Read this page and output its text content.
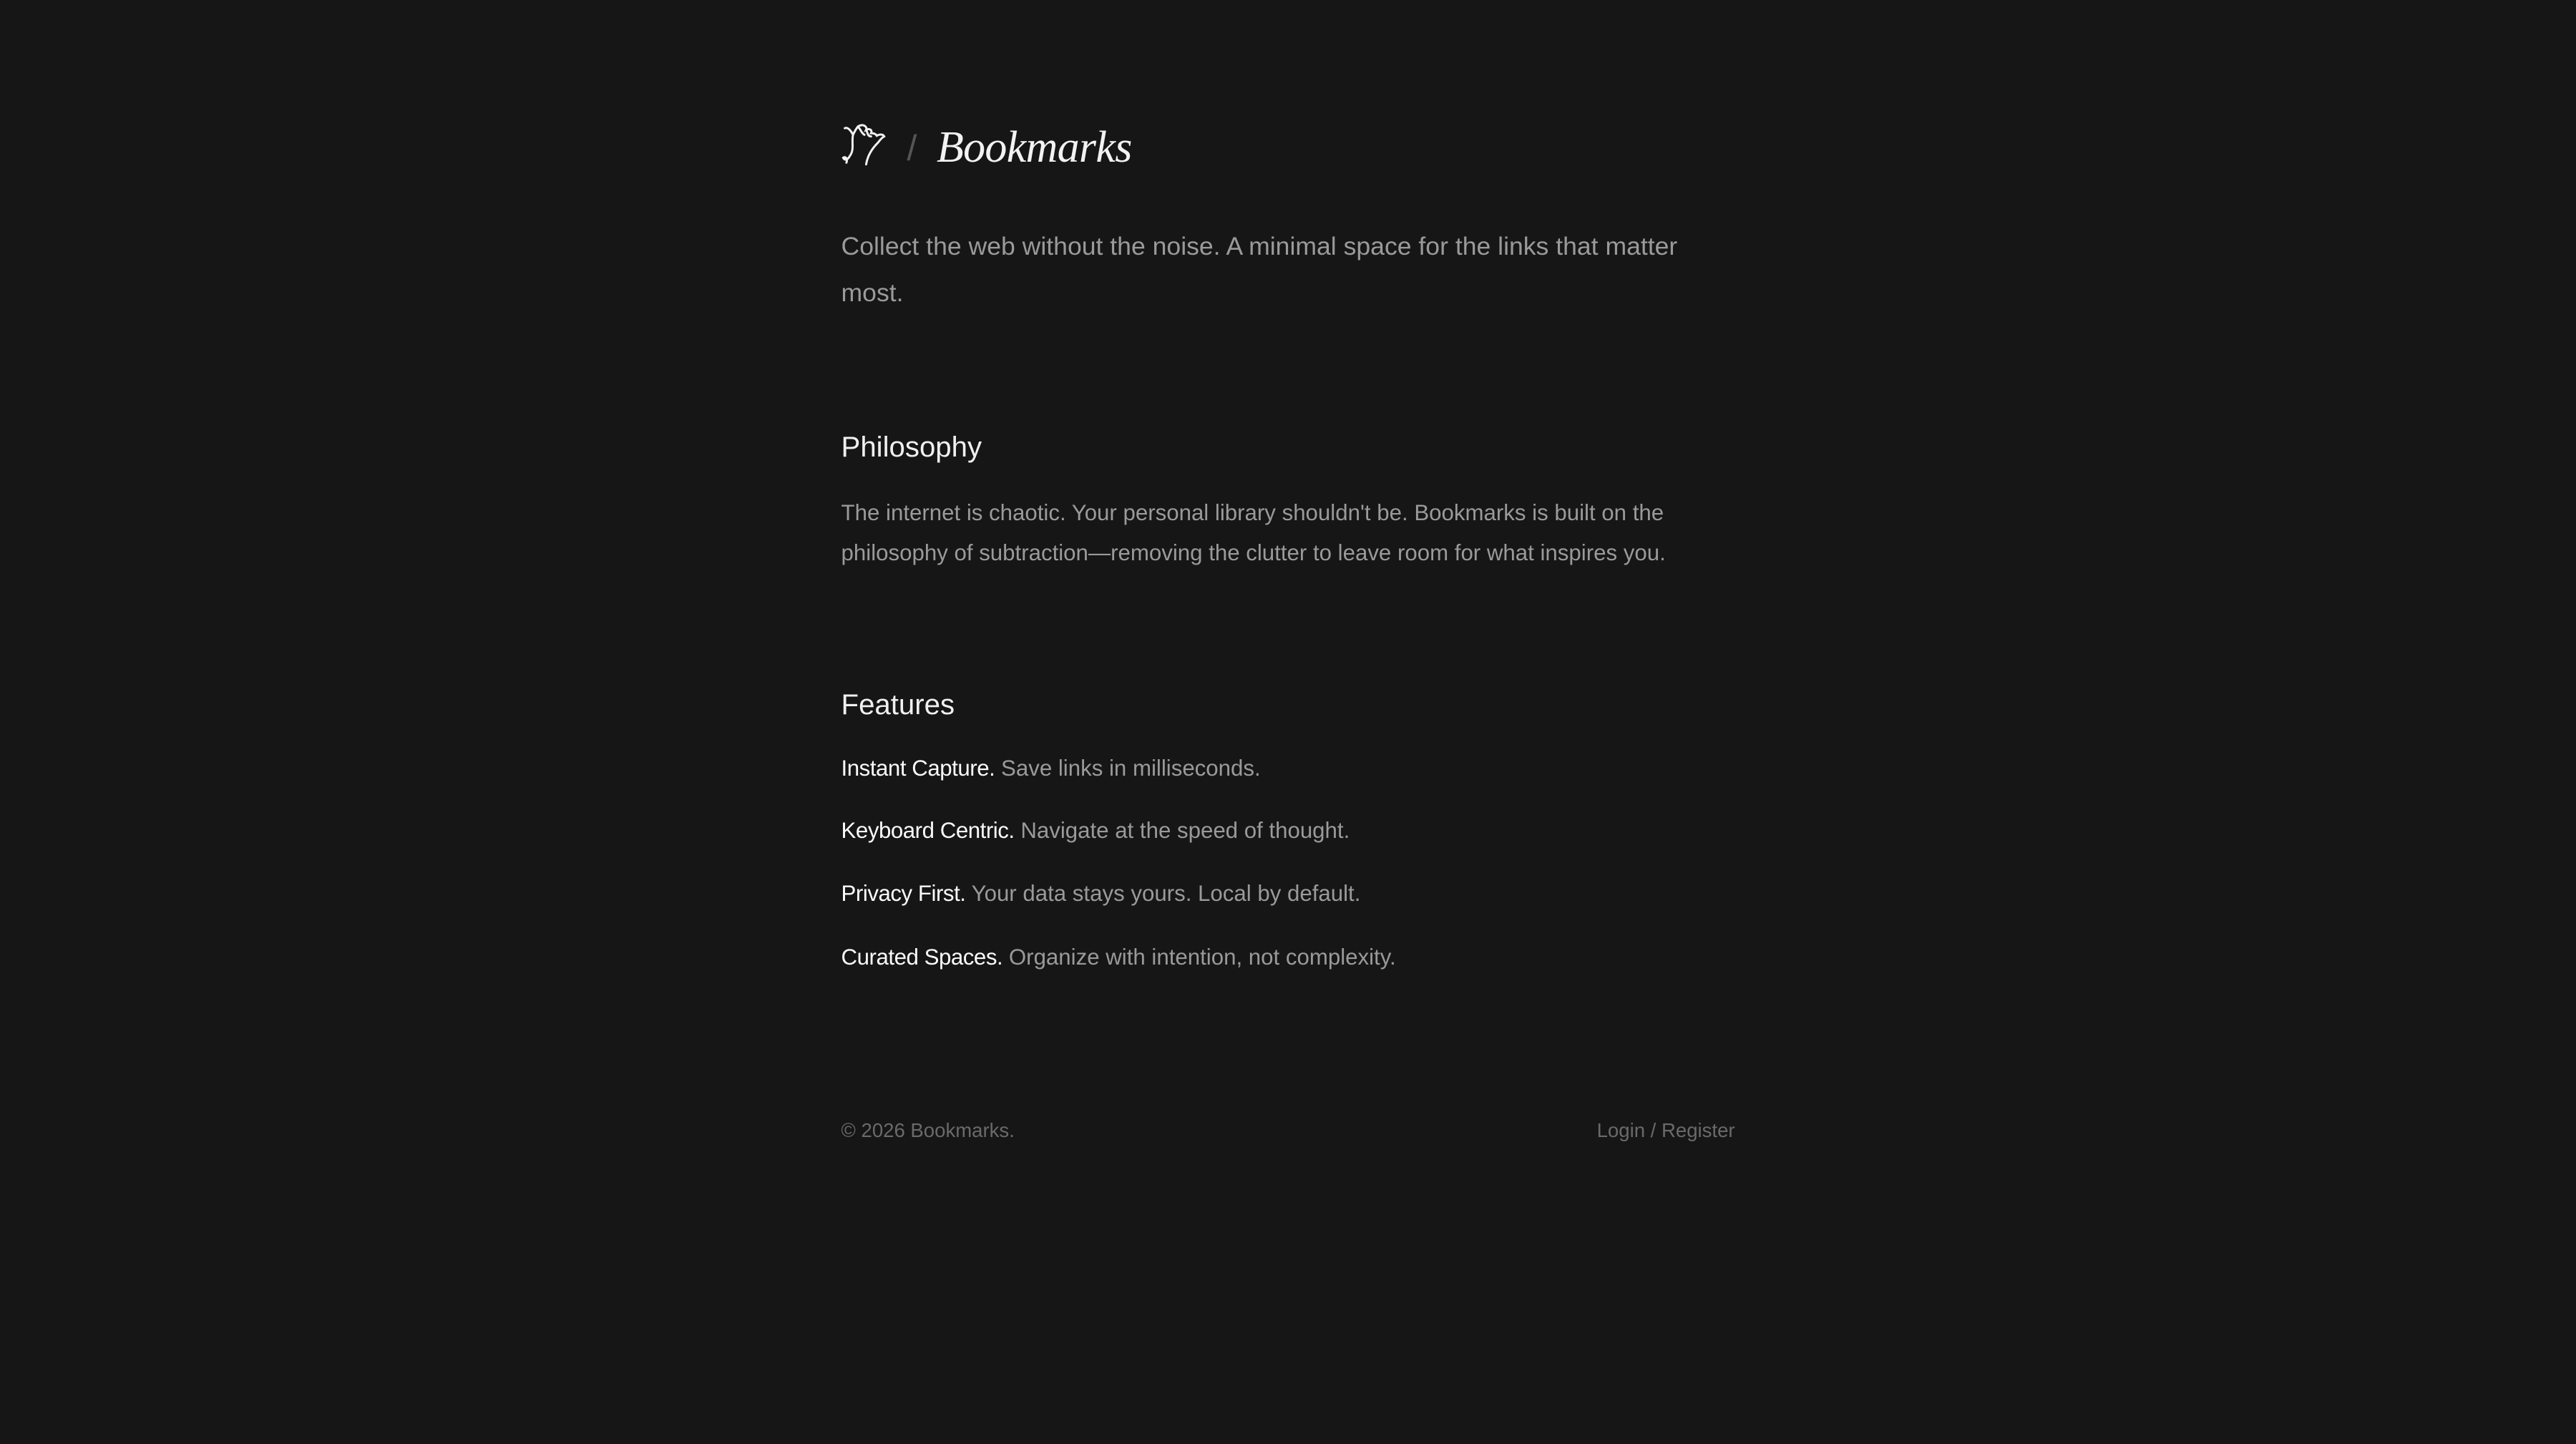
/ Bookmarks

Collect the web without the noise. A minimal space for the links that matter most.

Philosophy

The internet is chaotic. Your personal library shouldn't be. Bookmarks is built on the philosophy of subtraction—removing the clutter to leave room for what inspires you.

Features
Instant Capture. Save links in milliseconds.
Keyboard Centric. Navigate at the speed of thought.
Privacy First. Your data stays yours. Local by default.
Curated Spaces. Organize with intention, not complexity.
© 2026 Bookmarks.	Login / Register
